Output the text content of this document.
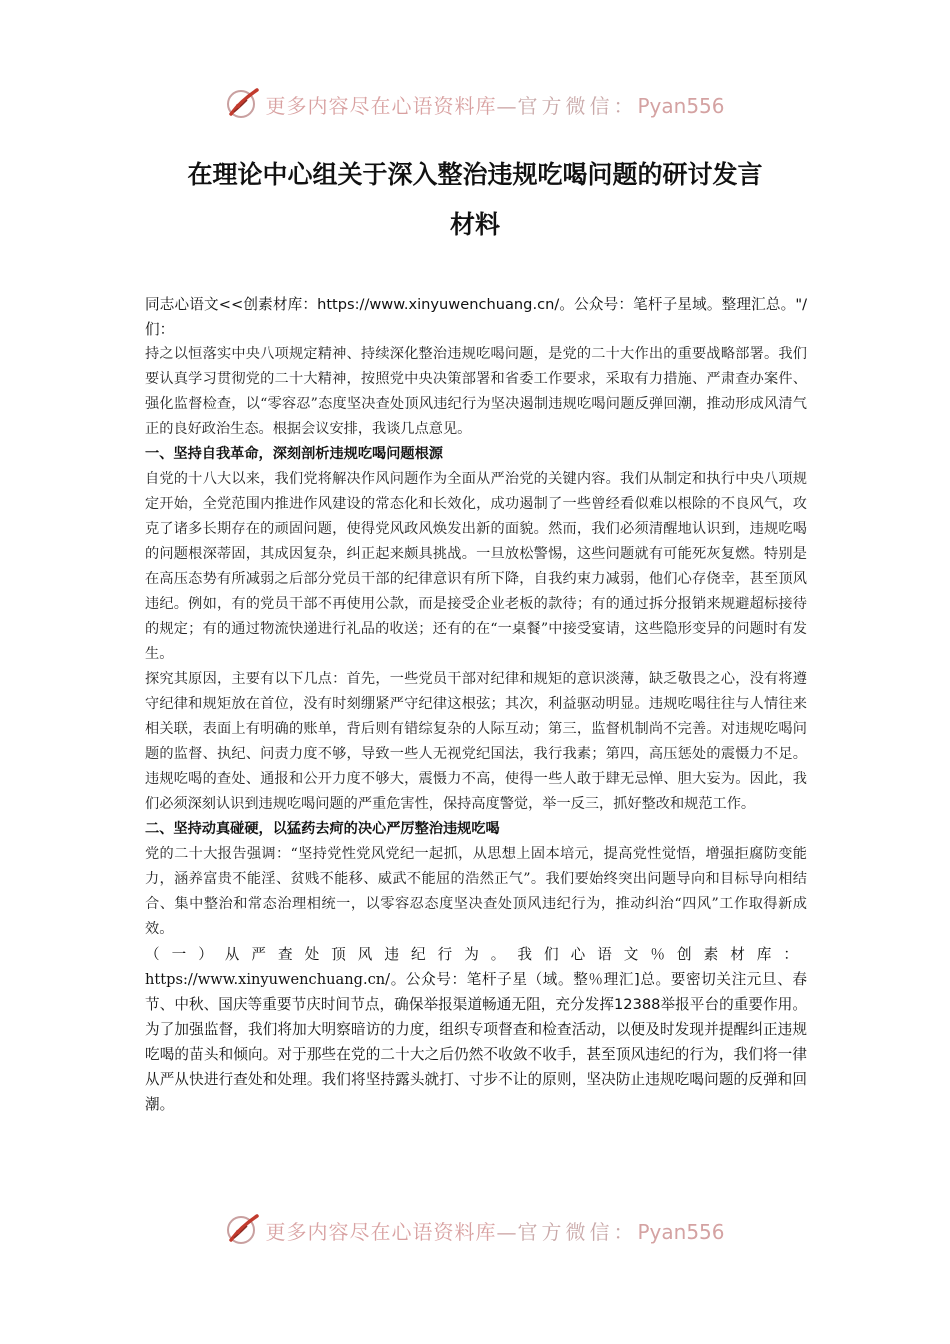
更多内容尽在心语资料库—官方微信：Pyan556
在理论中心组关于深入整治违规吃喝问题的研讨发言
材料

同志心语文<<创素材库：https://www.xinyuwenchuang.cn/。公众号：笔杆子星域。整理汇总。"/们：

持之以恒落实中央八项规定精神、持续深化整治违规吃喝问题，是党的二十大作出的重要战略部署。我们要认真学习贯彻党的二十大精神，按照党中央决策部署和省委工作要求，采取有力措施、严肃查办案件、强化监督检查，以“零容忍”态度坚决查处顶风违纪行为坚决遏制违规吃喝问题反弹回潮，推动形成风清气正的良好政治生态。根据会议安排，我谈几点意见。

一、坚持自我革命，深刻剖析违规吃喝问题根源

自党的十八大以来，我们党将解决作风问题作为全面从严治党的关键内容。我们从制定和执行中央八项规定开始，全党范围内推进作风建设的常态化和长效化，成功遏制了一些曾经看似难以根除的不良风气，攻克了诸多长期存在的顽固问题，使得党风政风焕发出新的面貌。然而，我们必须清醒地认识到，违规吃喝的问题根深蒂固，其成因复杂，纠正起来颇具挑战。一旦放松警惕，这些问题就有可能死灰复燃。特别是在高压态势有所减弱之后部分党员干部的纪律意识有所下降，自我约束力减弱，他们心存侥幸，甚至顶风违纪。例如，有的党员干部不再使用公款，而是接受企业老板的款待；有的通过拆分报销来规避超标接待的规定；有的通过物流快递进行礼品的收送；还有的在“一桌餐”中接受宴请，这些隐形变异的问题时有发生。

探究其原因，主要有以下几点：首先，一些党员干部对纪律和规矩的意识淡薄，缺乏敬畏之心，没有将遵守纪律和规矩放在首位，没有时刻绷紧严守纪律这根弦；其次，利益驱动明显。违规吃喝往往与人情往来相关联，表面上有明确的账单，背后则有错综复杂的人际互动；第三，监督机制尚不完善。对违规吃喝问题的监督、执纪、问责力度不够，导致一些人无视党纪国法，我行我素；第四，高压惩处的震慑力不足。违规吃喝的查处、通报和公开力度不够大，震慑力不高，使得一些人敢于肆无忌惮、胆大妄为。因此，我们必须深刻认识到违规吃喝问题的严重危害性，保持高度警觉，举一反三，抓好整改和规范工作。

二、坚持动真碰硬，以猛药去疴的决心严厉整治违规吃喝

党的二十大报告强调：“坚持党性党风党纪一起抓，从思想上固本培元，提高党性觉悟，增强拒腐防变能力，涵养富贵不能淫、贫贱不能移、威武不能屈的浩然正气”。我们要始终突出问题导向和目标导向相结合、集中整治和常态治理相统一，以零容忍态度坚决查处顶风违纪行为，推动纠治“四风”工作取得新成效。

（一）从严查处顶风违纪行为。我们心语文％创素材库：https://www.xinyuwenchuang.cn/。公众号：笔杆子星（域。整％理汇]总。要密切关注元旦、春节、中秋、国庆等重要节庆时间节点，确保举报渠道畅通无阻，充分发挥12388举报平台的重要作用。为了加强监督，我们将加大明察暗访的力度，组织专项督查和检查活动，以便及时发现并提醒纠正违规吃喝的苗头和倾向。对于那些在党的二十大之后仍然不收敛不收手，甚至顶风违纪的行为，我们将一律从严从快进行查处和处理。我们将坚持露头就打、寸步不让的原则，坚决防止违规吃喝问题的反弹和回潮。

更多内容尽在心语资料库—官方微信：Pyan556
